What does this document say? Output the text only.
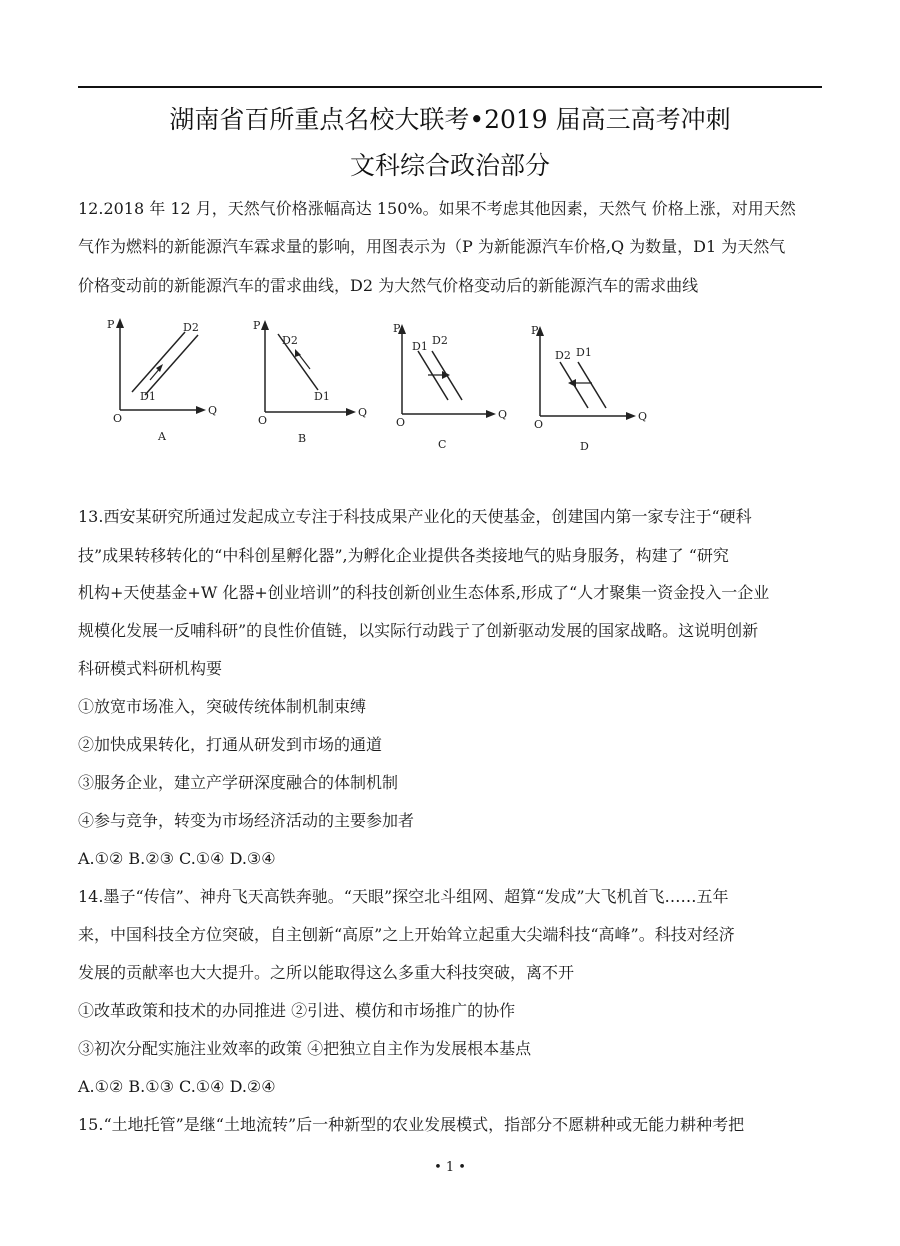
湖南省百所重点名校大联考•2019 届高三高考冲刺
文科综合政治部分
12.2018 年 12 月，天然气价格涨幅高达 150%。如果不考虑其他因素，天然气 价格上涨，对用天然
气作为燃料的新能源汽车霖求量的影响，用图表示为（P 为新能源汽车价格,Q 为数量，D1 为天然气
价格变动前的新能源汽车的雷求曲线，D2 为大然气价格变动后的新能源汽车的需求曲线
P
Q
O
D2
D1
A
P
Q
O
D2
D1
B
P
Q
O
D1 D2
C
P
Q
O
D2 D1
D
13.西安某研究所通过发起成立专注于科技成果产业化的天使基金，创建国内第一家专注于“硬科
技”成果转移转化的“中科创星孵化器”,为孵化企业提供各类接地气的贴身服务，构建了 “研究
机构+天使基金+W 化器+创业培训”的科技创新创业生态体系,形成了“人才聚集一资金投入一企业
规模化发展一反哺科研”的良性价值链，以实际行动践亍了创新驱动发展的国家战略。这说明创新
科研模式料研机构要
①放宽市场准入，突破传统体制机制束缚
②加快成果转化，打通从研发到市场的通道
③服务企业，建立产学研深度融合的体制机制
④参与竞争，转变为市场经济活动的主要参加者
A.①② B.②③ C.①④ D.③④
14.墨子“传信”、神舟飞天高铁奔驰。“天眼”探空北斗组网、超算“发成”大飞机首飞……五年
来，中国科技全方位突破，自主刨新“高原”之上开始耸立起重大尖端科技“高峰”。科技对经济
发展的贡献率也大大提升。之所以能取得这么多重大科技突破，离不开
①改革政策和技术的办同推进 ②引进、模仿和市场推广的协作
③初次分配实施注业效率的政策 ④把独立自主作为发展根本基点
A.①② B.①③ C.①④ D.②④
15.“土地托管”是继“土地流转”后一种新型的农业发展模式，指部分不愿耕种或无能力耕种考把
• 1 •
